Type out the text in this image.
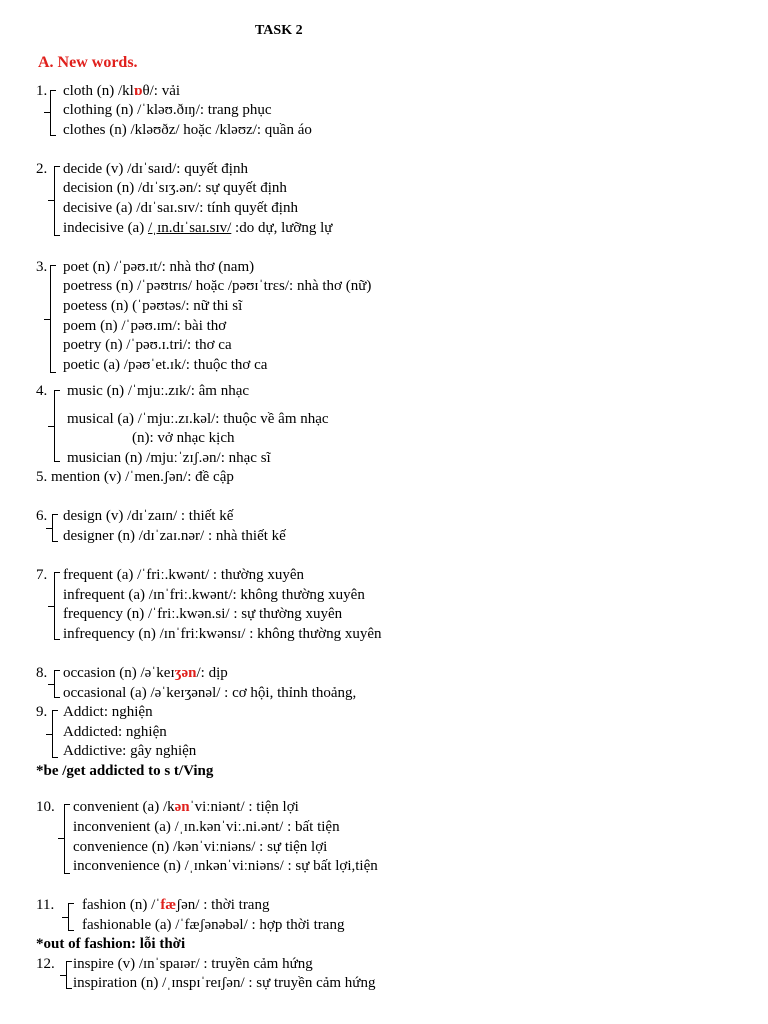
TASK 2
A. New words.
1. cloth (n) /klɒθ/: vải
clothing (n) /ˈkləʊ.ðɪŋ/: trang phục
clothes (n) /kləʊðz/ hoặc /kləʊz/: quần áo
2. decide (v) /dɪˈsaɪd/: quyết định
decision (n) /dɪˈsɪʒ.ən/: sự quyết định
decisive (a) /dɪˈsaɪ.sɪv/: tính quyết định
indecisive (a) /ˌɪn.dɪˈsaɪ.sɪv/ :do dự, lưỡng lự
3. poet (n) /ˈpəʊ.ɪt/: nhà thơ (nam)
poetress (n) /ˈpəʊtrɪs/ hoặc /pəʊɪˈtrɛs/: nhà thơ (nữ)
poetess (n) (ˈpəʊtəs/: nữ thi sĩ
poem (n) /ˈpəʊ.ɪm/: bài thơ
poetry (n) /ˈpəʊ.ɪ.tri/: thơ ca
poetic (a) /pəʊˈet.ɪk/: thuộc thơ ca
4. music (n) /ˈmjuː.zɪk/: âm nhạc
musical (a) /ˈmjuː.zɪ.kəl/: thuộc về âm nhạc
(n): vở nhạc kịch
musician (n) /mjuːˈzɪʃ.ən/: nhạc sĩ
5. mention (v) /ˈmen.ʃən/: đề cập
6. design (v) /dɪˈzaɪn/ : thiết kế
designer (n) /dɪˈzaɪ.nər/ : nhà thiết kế
7. frequent (a) /ˈfriː.kwənt/ : thường xuyên
infrequent (a) /ɪnˈfriː.kwənt/: không thường xuyên
frequency (n) /ˈfriː.kwən.si/ : sự thường xuyên
infrequency (n) /ɪnˈfriːkwənsɪ/ : không thường xuyên
8. occasion (n) /əˈkeɪʒən/: dịp
occasional (a) /əˈkeɪʒənəl/ : cơ hội, thỉnh thoảng,
9. Addict: nghiện
Addicted: nghiện
Addictive: gây nghiện
*be /get addicted to s t/Ving
10. convenient (a) /kənˈviːniənt/ : tiện lợi
inconvenient (a) /ˌɪn.kənˈviː.ni.ənt/ : bất tiện
convenience (n) /kənˈviːniəns/ : sự tiện lợi
inconvenience (n) /ˌɪnkənˈviːniəns/ : sự bất lợi,tiện
11. fashion (n) /ˈfæʃən/ : thời trang
fashionable (a) /ˈfæʃənəbəl/ : hợp thời trang
*out of fashion: lỗi thời
12. inspire (v) /ɪnˈspaɪər/ : truyền cảm hứng
inspiration (n) /ˌɪnspɪˈreɪʃən/ : sự truyền cảm hứng
